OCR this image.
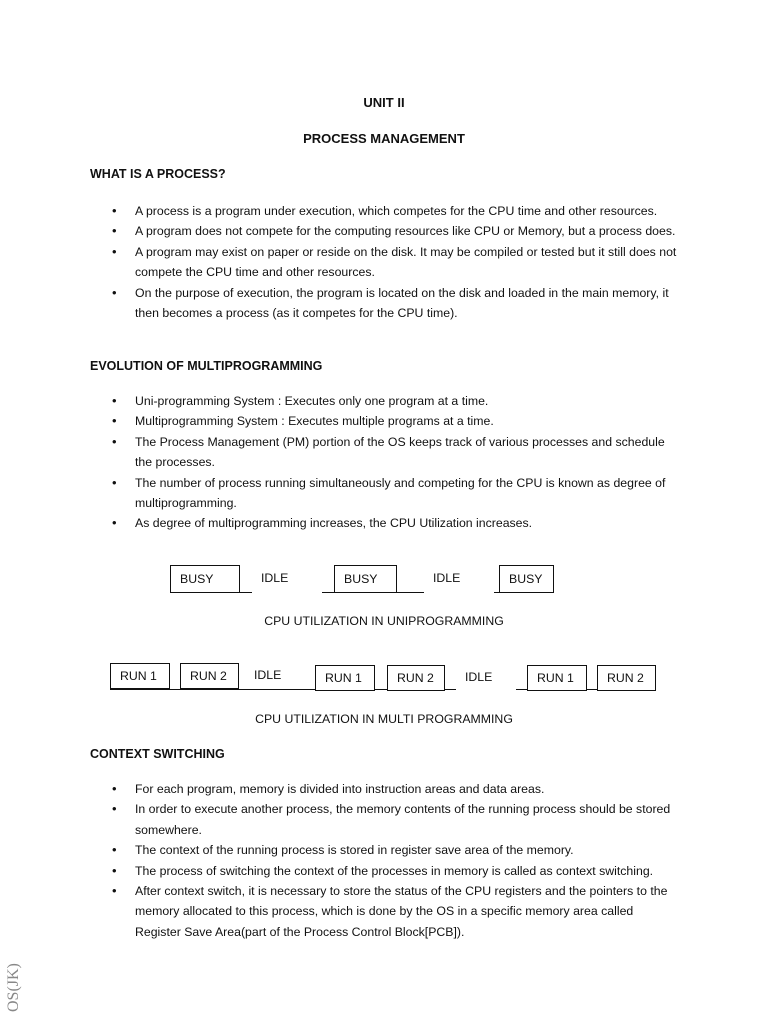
UNIT II
PROCESS MANAGEMENT
WHAT IS A PROCESS?
• A process is a program under execution, which competes for the CPU time and other resources.
• A program does not compete for the computing resources like CPU or Memory, but a process does.
• A program may exist on paper or reside on the disk. It may be compiled or tested but it still does not compete the CPU time and other resources.
• On the purpose of execution, the program is located on the disk and loaded in the main memory, it then becomes a process (as it competes for the CPU time).
EVOLUTION OF MULTIPROGRAMMING
• Uni-programming System : Executes only one program at a time.
• Multiprogramming System : Executes multiple programs at a time.
• The Process Management (PM) portion of the OS keeps track of various processes and schedule the processes.
• The number of process running simultaneously and competing for the CPU is known as degree of multiprogramming.
• As degree of multiprogramming increases, the CPU Utilization increases.
BUSY	IDLE	BUSY	IDLE	BUSY
CPU UTILIZATION IN UNIPROGRAMMING
RUN 1	RUN 2	IDLE	RUN 1	RUN 2	IDLE	RUN 1	RUN 2
CPU UTILIZATION IN MULTI PROGRAMMING
CONTEXT SWITCHING
• For each program, memory is divided into instruction areas and data areas.
• In order to execute another process, the memory contents of the running process should be stored somewhere.
• The context of the running process is stored in register save area of the memory.
• The process of switching the context of the processes in memory is called as context switching.
• After context switch, it is necessary to store the status of the CPU registers and the pointers to the memory allocated to this process, which is done by the OS in a specific memory area called Register Save Area(part of the Process Control Block[PCB]).
OS(JK)
